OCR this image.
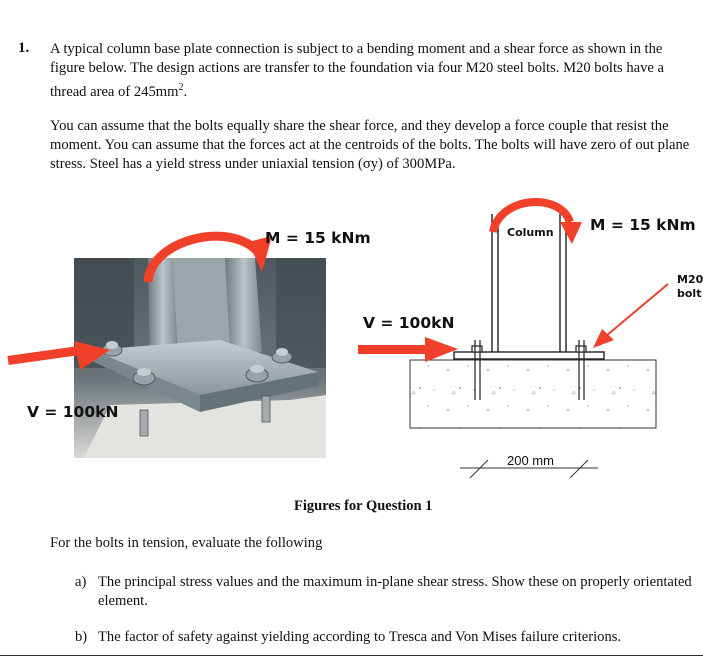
1. A typical column base plate connection is subject to a bending moment and a shear force as shown in the figure below. The design actions are transfer to the foundation via four M20 steel bolts. M20 bolts have a thread area of $245mm^2$.

You can assume that the bolts equally share the shear force, and they develop a force couple that resist the moment. You can assume that the forces act at the centroids of the bolts. The bolts will have zero of out plane stress. Steel has a yield stress under uniaxial tension (σy) of 300MPa.

M = 15 kNm
V = 100kN
Column M = 15 kNm
V = 100kN
M20
bolt
200 mm
Figures for Question 1
For the bolts in tension, evaluate the following
a) The principal stress values and the maximum in-plane shear stress. Show these on properly orientated element.
b) The factor of safety against yielding according to Tresca and Von Mises failure criterions.
